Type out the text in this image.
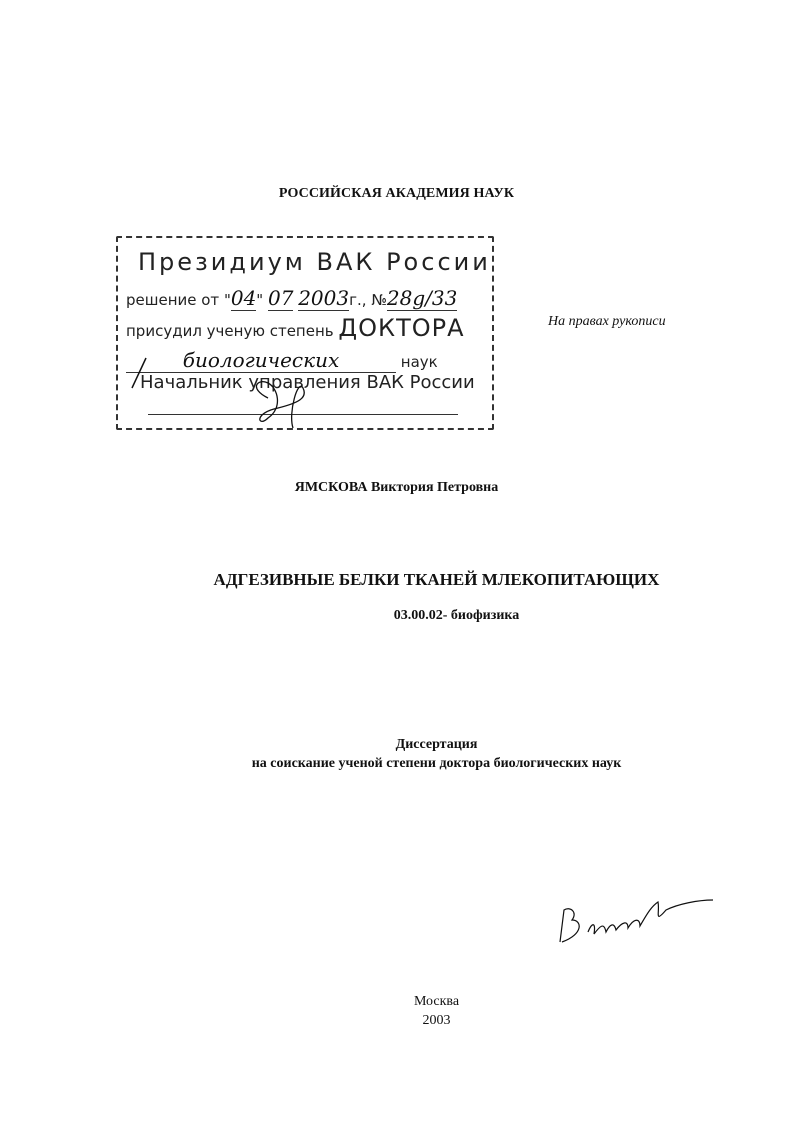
РОССИЙСКАЯ АКАДЕМИЯ НАУК
Президиум ВАК России
решение от "04" 07 2003г., №28g/33
присудил ученую степень ДОКТОРА
биологических	наук
Начальник управления ВАК России
На правах рукописи
ЯМСКОВА Виктория Петровна
АДГЕЗИВНЫЕ БЕЛКИ ТКАНЕЙ МЛЕКОПИТАЮЩИХ
03.00.02- биофизика
Диссертация
на соискание ученой степени доктора биологических наук
Москва
2003
